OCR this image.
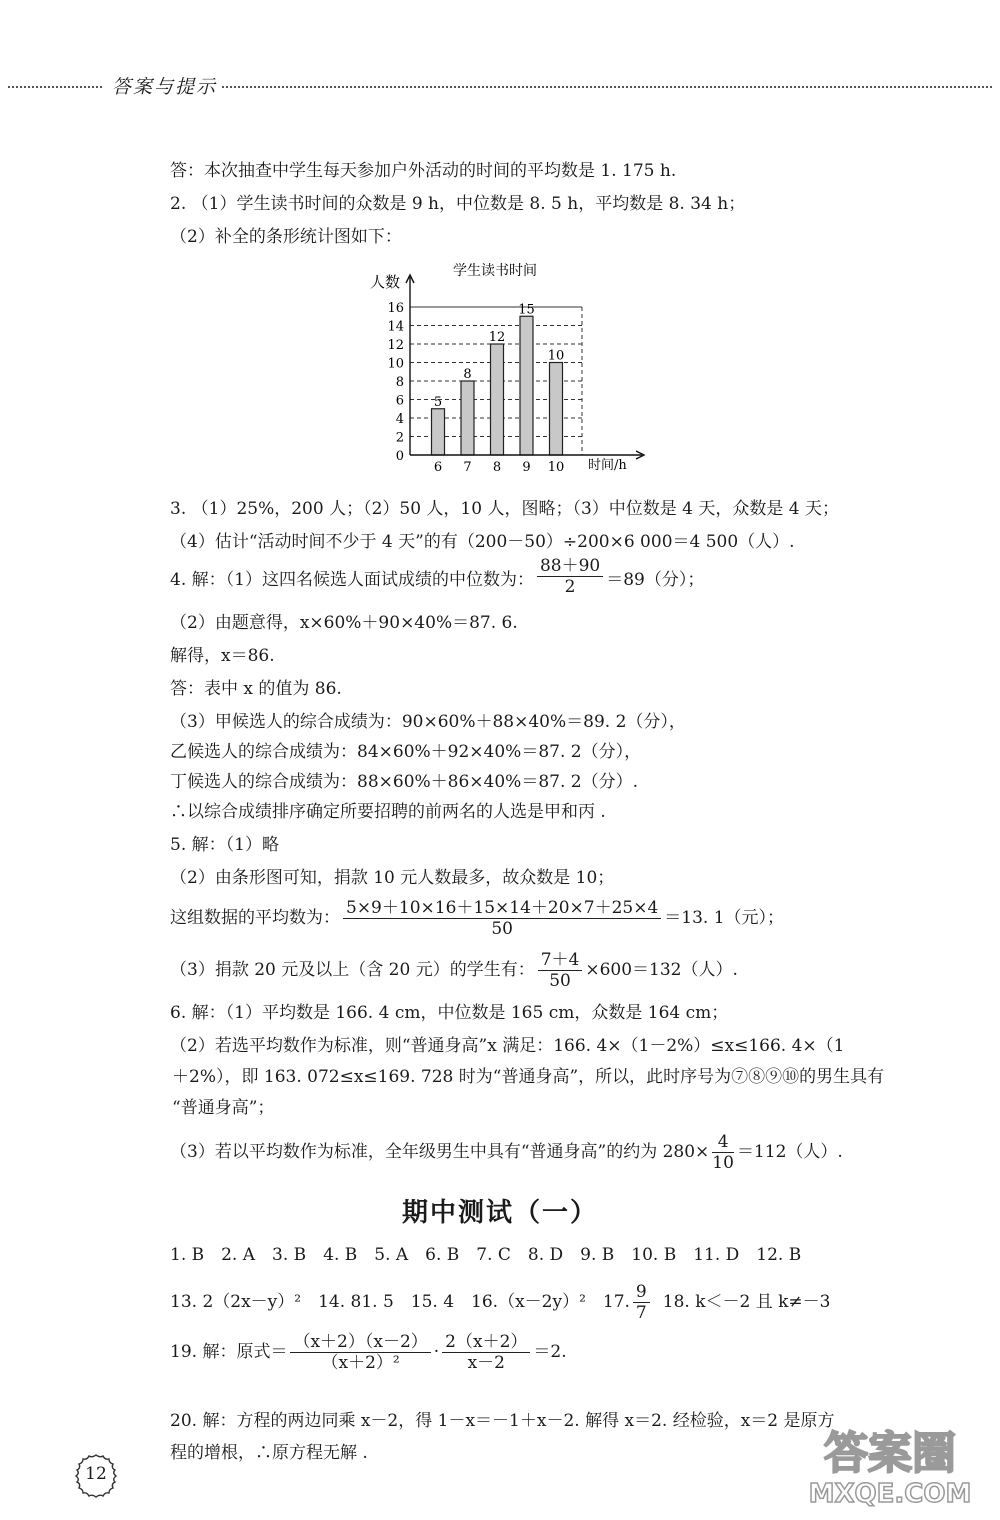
答案与提示
答：本次抽查中学生每天参加户外活动的时间的平均数是 1. 175 h.
2. （1）学生读书时间的众数是 9 h，中位数是 8. 5 h，平均数是 8. 34 h；
（2）补全的条形统计图如下：
学生读书时间
人数
时间/h
5
8
12
15
10
0
2
4
6
8
10
12
14
16
6 7 8 9 10
3. （1）25%，200 人；（2）50 人，10 人，图略；（3）中位数是 4 天，众数是 4 天；
（4）估计“活动时间不少于 4 天”的有（200－50）÷200×6 000＝4 500（人）.
4. 解：（1）这四名候选人面试成绩的中位数为： $\frac{88+90}{2} =89$（分）；
（2）由题意得，x×60%＋90×40%＝87. 6.
解得，x＝86.
答：表中 x 的值为 86.
（3）甲候选人的综合成绩为：90×60%＋88×40%＝89. 2（分），
乙候选人的综合成绩为：84×60%＋92×40%＝87. 2（分），
丁候选人的综合成绩为：88×60%＋86×40%＝87. 2（分）.
∴以综合成绩排序确定所要招聘的前两名的人选是甲和丙 .
5. 解：（1）略
（2）由条形图可知，捐款 10 元人数最多，故众数是 10；
这组数据的平均数为： $\frac{5\times 9+10\times 16+15\times 14+20\times 7+25\times 4}{50} =13$. 1（元）；
（3）捐款 20 元及以上（含 20 元）的学生有： $\frac{7+4}{50} \times 600=132$（人）.
6. 解：（1）平均数是 166. 4 cm，中位数是 165 cm，众数是 164 cm；
（2）若选平均数作为标准，则“普通身高”x 满足：166. 4×（1－2%）≤x≤166. 4×（1
＋2%），即 163. 072≤x≤169. 728 时为“普通身高”，所以，此时序号为⑦⑧⑨⑩的男生具有
“普通身高”；
（3）若以平均数作为标准，全年级男生中具有“普通身高”的约为 $280\times \frac{4}{10} =112$（人）.
期中测试（一）
1. B　2. A　3. B　4. B　5. A　6. B　7. C　8. D　9. B　10. B　11. D　12. B
13. 2（2x－y）²　14. 81. 5　15. 4　16.（x－2y）²　17. $\frac{9}{7} 18$. k＜－2 且 k≠－3
19. 解：原式＝ $\frac{(x+2)(x-2)}{\text{（x＋2）²}} \cdot \frac{2(x+2)}{x-2} =2$.
20. 解：方程的两边同乘 x－2，得 1－x＝－1＋x－2. 解得 x＝2. 经检验，x＝2 是原方
程的增根，∴原方程无解 .
12	答案圈
MXQE.COM
